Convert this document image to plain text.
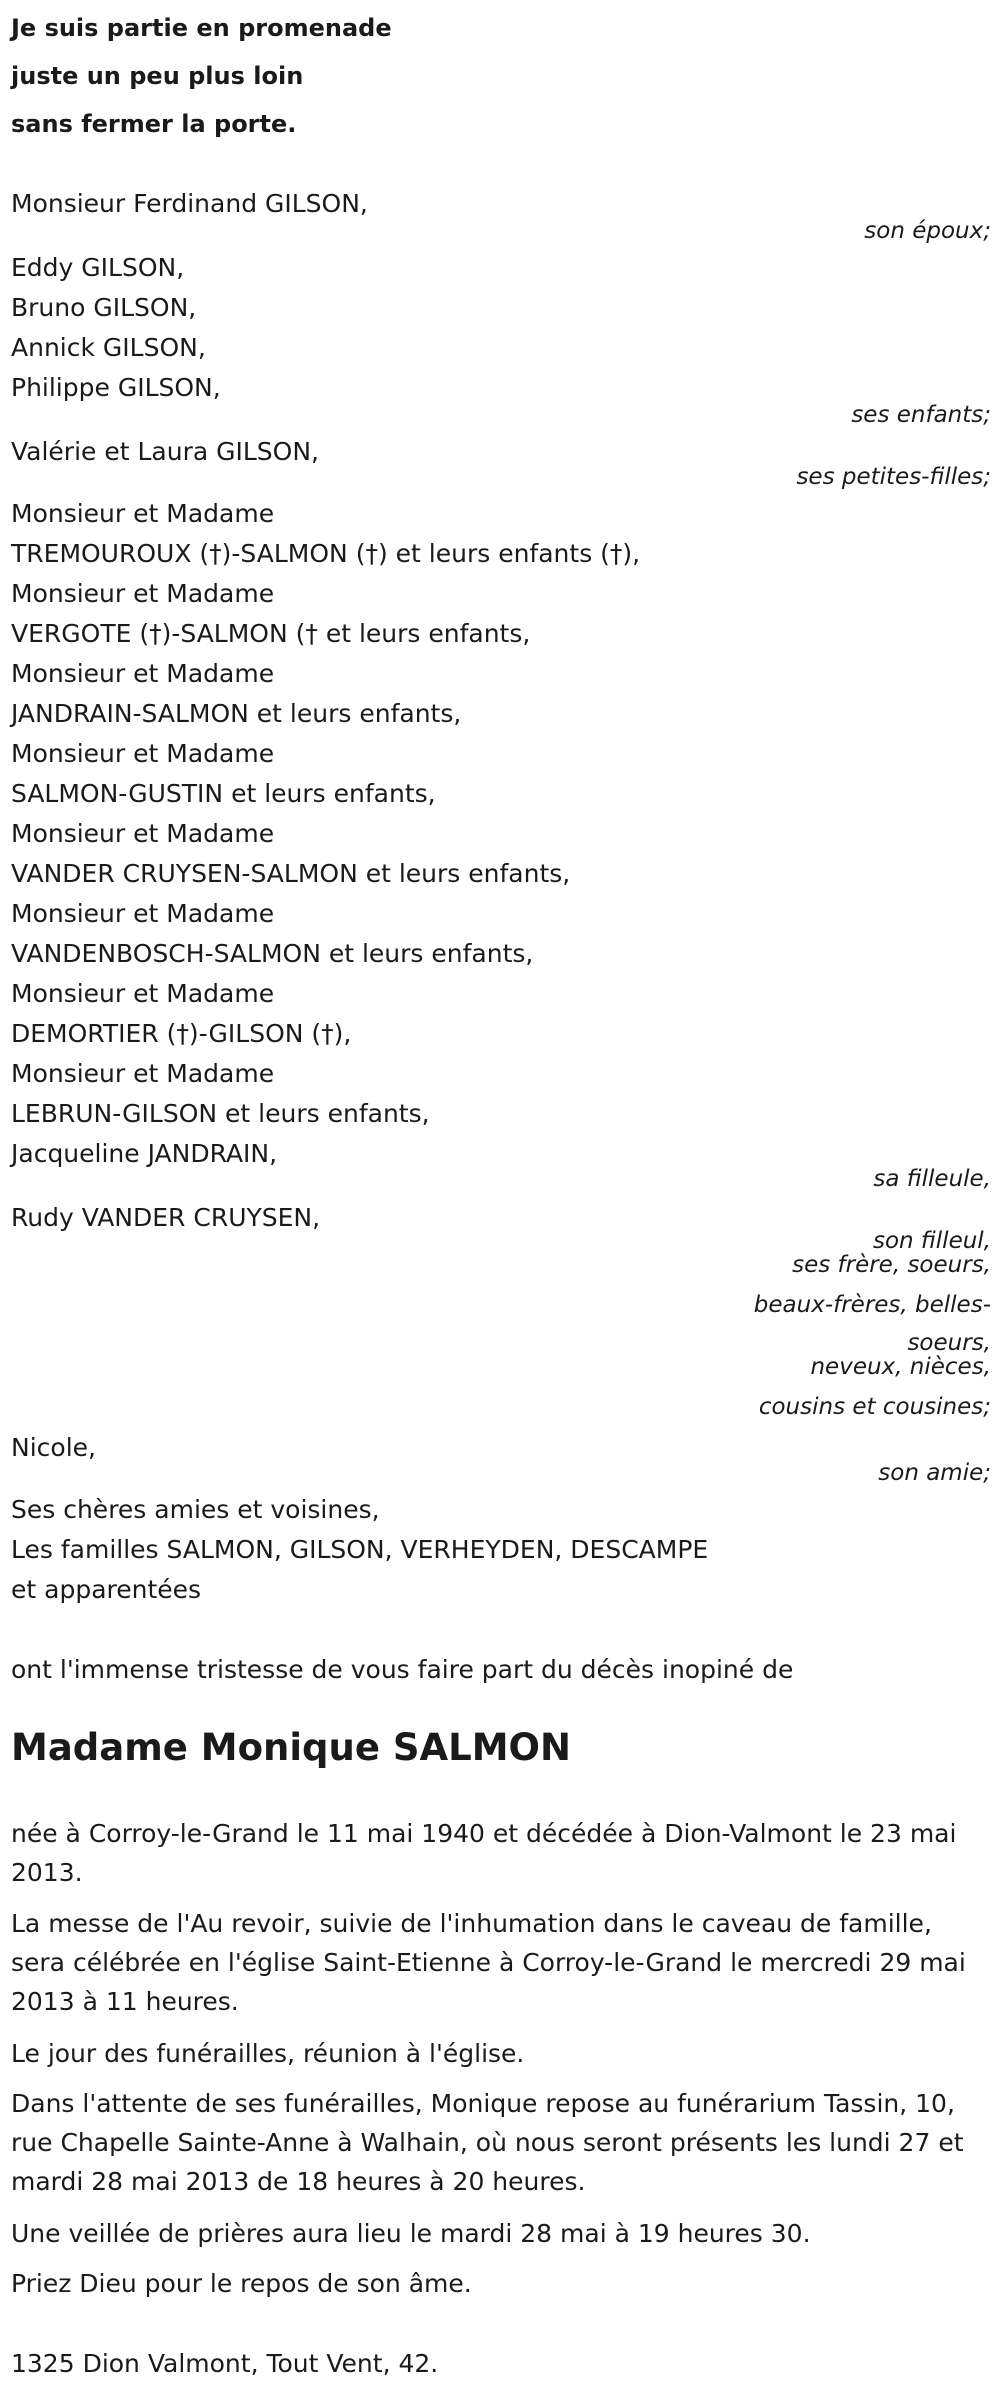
Je suis partie en promenade
juste un peu plus loin
sans fermer la porte.
Monsieur Ferdinand GILSON,
son époux;
Eddy GILSON,
Bruno GILSON,
Annick GILSON,
Philippe GILSON,
ses enfants;
Valérie et Laura GILSON,
ses petites-filles;
Monsieur et Madame
TREMOUROUX (†)-SALMON (†) et leurs enfants (†),
Monsieur et Madame
VERGOTE (†)-SALMON († et leurs enfants,
Monsieur et Madame
JANDRAIN-SALMON et leurs enfants,
Monsieur et Madame
SALMON-GUSTIN et leurs enfants,
Monsieur et Madame
VANDER CRUYSEN-SALMON et leurs enfants,
Monsieur et Madame
VANDENBOSCH-SALMON et leurs enfants,
Monsieur et Madame
DEMORTIER (†)-GILSON (†),
Monsieur et Madame
LEBRUN-GILSON et leurs enfants,
Jacqueline JANDRAIN,
sa filleule,
Rudy VANDER CRUYSEN,
son filleul,
ses frère, soeurs,
beaux-frères, belles-soeurs,
neveux, nièces,
cousins et cousines;
Nicole,
son amie;
Ses chères amies et voisines,
Les familles SALMON, GILSON, VERHEYDEN, DESCAMPE
et apparentées
ont l'immense tristesse de vous faire part du décès inopiné de
Madame Monique SALMON
née à Corroy-le-Grand le 11 mai 1940 et décédée à Dion-Valmont le 23 mai 2013.
La messe de l'Au revoir, suivie de l'inhumation dans le caveau de famille, sera célébrée en l'église Saint-Etienne à Corroy-le-Grand le mercredi 29 mai 2013 à 11 heures.
Le jour des funérailles, réunion à l'église.
Dans l'attente de ses funérailles, Monique repose au funérarium Tassin, 10, rue Chapelle Sainte-Anne à Walhain, où nous seront présents les lundi 27 et mardi 28 mai 2013 de 18 heures à 20 heures.
Une veillée de prières aura lieu le mardi 28 mai à 19 heures 30.
Priez Dieu pour le repos de son âme.
1325 Dion Valmont, Tout Vent, 42.
